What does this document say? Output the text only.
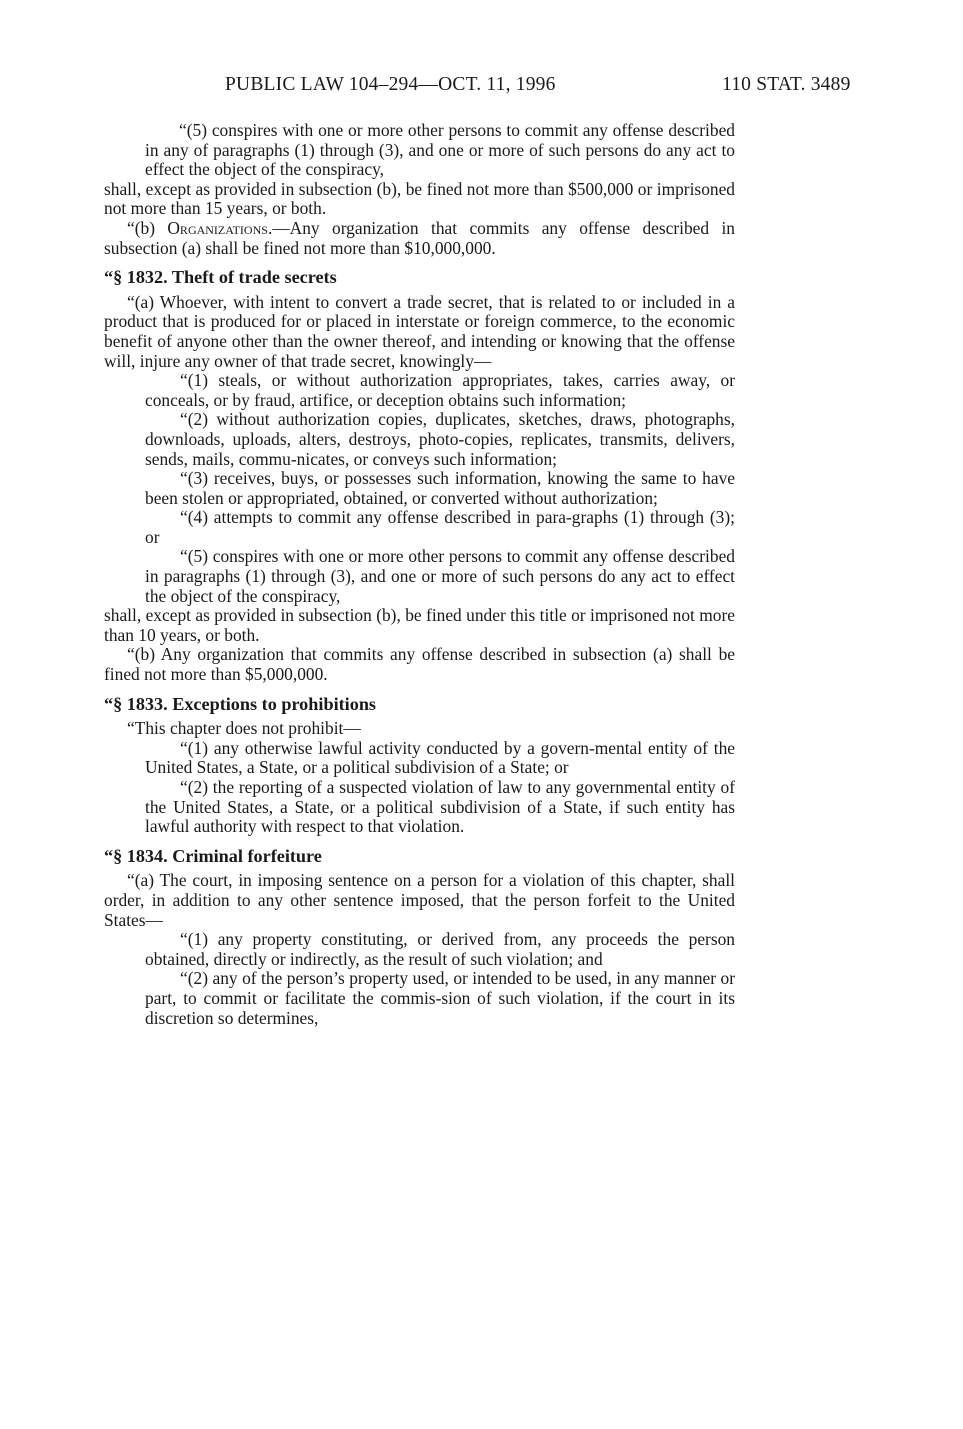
PUBLIC LAW 104–294—OCT. 11, 1996	110 STAT. 3489

“(5) conspires with one or more other persons to commit any offense described in any of paragraphs (1) through (3), and one or more of such persons do any act to effect the object of the conspiracy,

shall, except as provided in subsection (b), be fined not more than $500,000 or imprisoned not more than 15 years, or both.

“(b) Organizations.—Any organization that commits any offense described in subsection (a) shall be fined not more than $10,000,000.

“§ 1832. Theft of trade secrets

“(a) Whoever, with intent to convert a trade secret, that is related to or included in a product that is produced for or placed in interstate or foreign commerce, to the economic benefit of anyone other than the owner thereof, and intending or knowing that the offense will, injure any owner of that trade secret, knowingly—

“(1) steals, or without authorization appropriates, takes, carries away, or conceals, or by fraud, artifice, or deception obtains such information;

“(2) without authorization copies, duplicates, sketches, draws, photographs, downloads, uploads, alters, destroys, photo-copies, replicates, transmits, delivers, sends, mails, commu-nicates, or conveys such information;

“(3) receives, buys, or possesses such information, knowing the same to have been stolen or appropriated, obtained, or converted without authorization;

“(4) attempts to commit any offense described in para-graphs (1) through (3); or

“(5) conspires with one or more other persons to commit any offense described in paragraphs (1) through (3), and one or more of such persons do any act to effect the object of the conspiracy,

shall, except as provided in subsection (b), be fined under this title or imprisoned not more than 10 years, or both.

“(b) Any organization that commits any offense described in subsection (a) shall be fined not more than $5,000,000.

“§ 1833. Exceptions to prohibitions

“This chapter does not prohibit—

“(1) any otherwise lawful activity conducted by a govern-mental entity of the United States, a State, or a political subdivision of a State; or

“(2) the reporting of a suspected violation of law to any governmental entity of the United States, a State, or a political subdivision of a State, if such entity has lawful authority with respect to that violation.

“§ 1834. Criminal forfeiture

“(a) The court, in imposing sentence on a person for a violation of this chapter, shall order, in addition to any other sentence imposed, that the person forfeit to the United States—

“(1) any property constituting, or derived from, any proceeds the person obtained, directly or indirectly, as the result of such violation; and

“(2) any of the person’s property used, or intended to be used, in any manner or part, to commit or facilitate the commis-sion of such violation, if the court in its discretion so determines,
